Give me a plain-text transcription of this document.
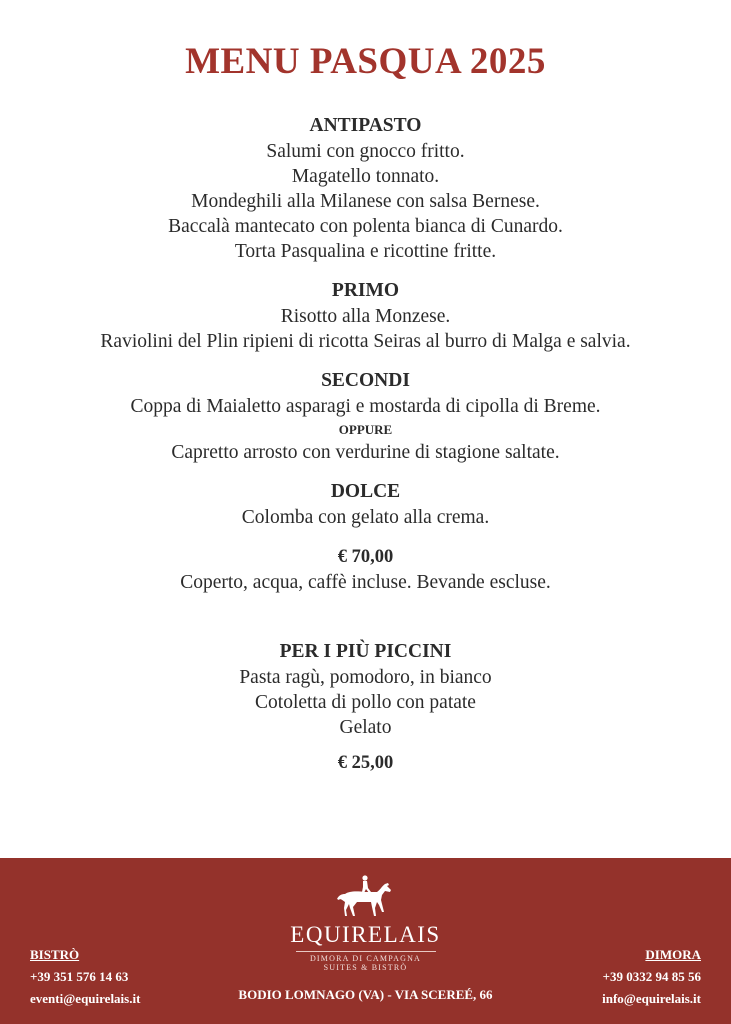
MENU PASQUA 2025
ANTIPASTO
Salumi con gnocco fritto.
Magatello tonnato.
Mondeghili alla Milanese con salsa Bernese.
Baccalà mantecato con polenta bianca di Cunardo.
Torta Pasqualina e ricottine fritte.
PRIMO
Risotto alla Monzese.
Raviolini del Plin ripieni di ricotta Seiras al burro di Malga e salvia.
SECONDI
Coppa di Maialetto asparagi e mostarda di cipolla di Breme.
OPPURE
Capretto arrosto con verdurine di stagione saltate.
DOLCE
Colomba con gelato alla crema.
€ 70,00
Coperto, acqua, caffè incluse. Bevande escluse.
PER I PIÙ PICCINI
Pasta ragù, pomodoro, in bianco
Cotoletta di pollo con patate
Gelato
€ 25,00
EQUIRELAIS
DIMORA DI CAMPAGNA
SUITES & BISTRÒ
BISTRÒ
+39 351 576 14 63
eventi@equirelais.it	BODIO LOMNAGO (VA) - VIA SCEREÉ, 66
DIMORA
+39 0332 94 85 56
info@equirelais.it
